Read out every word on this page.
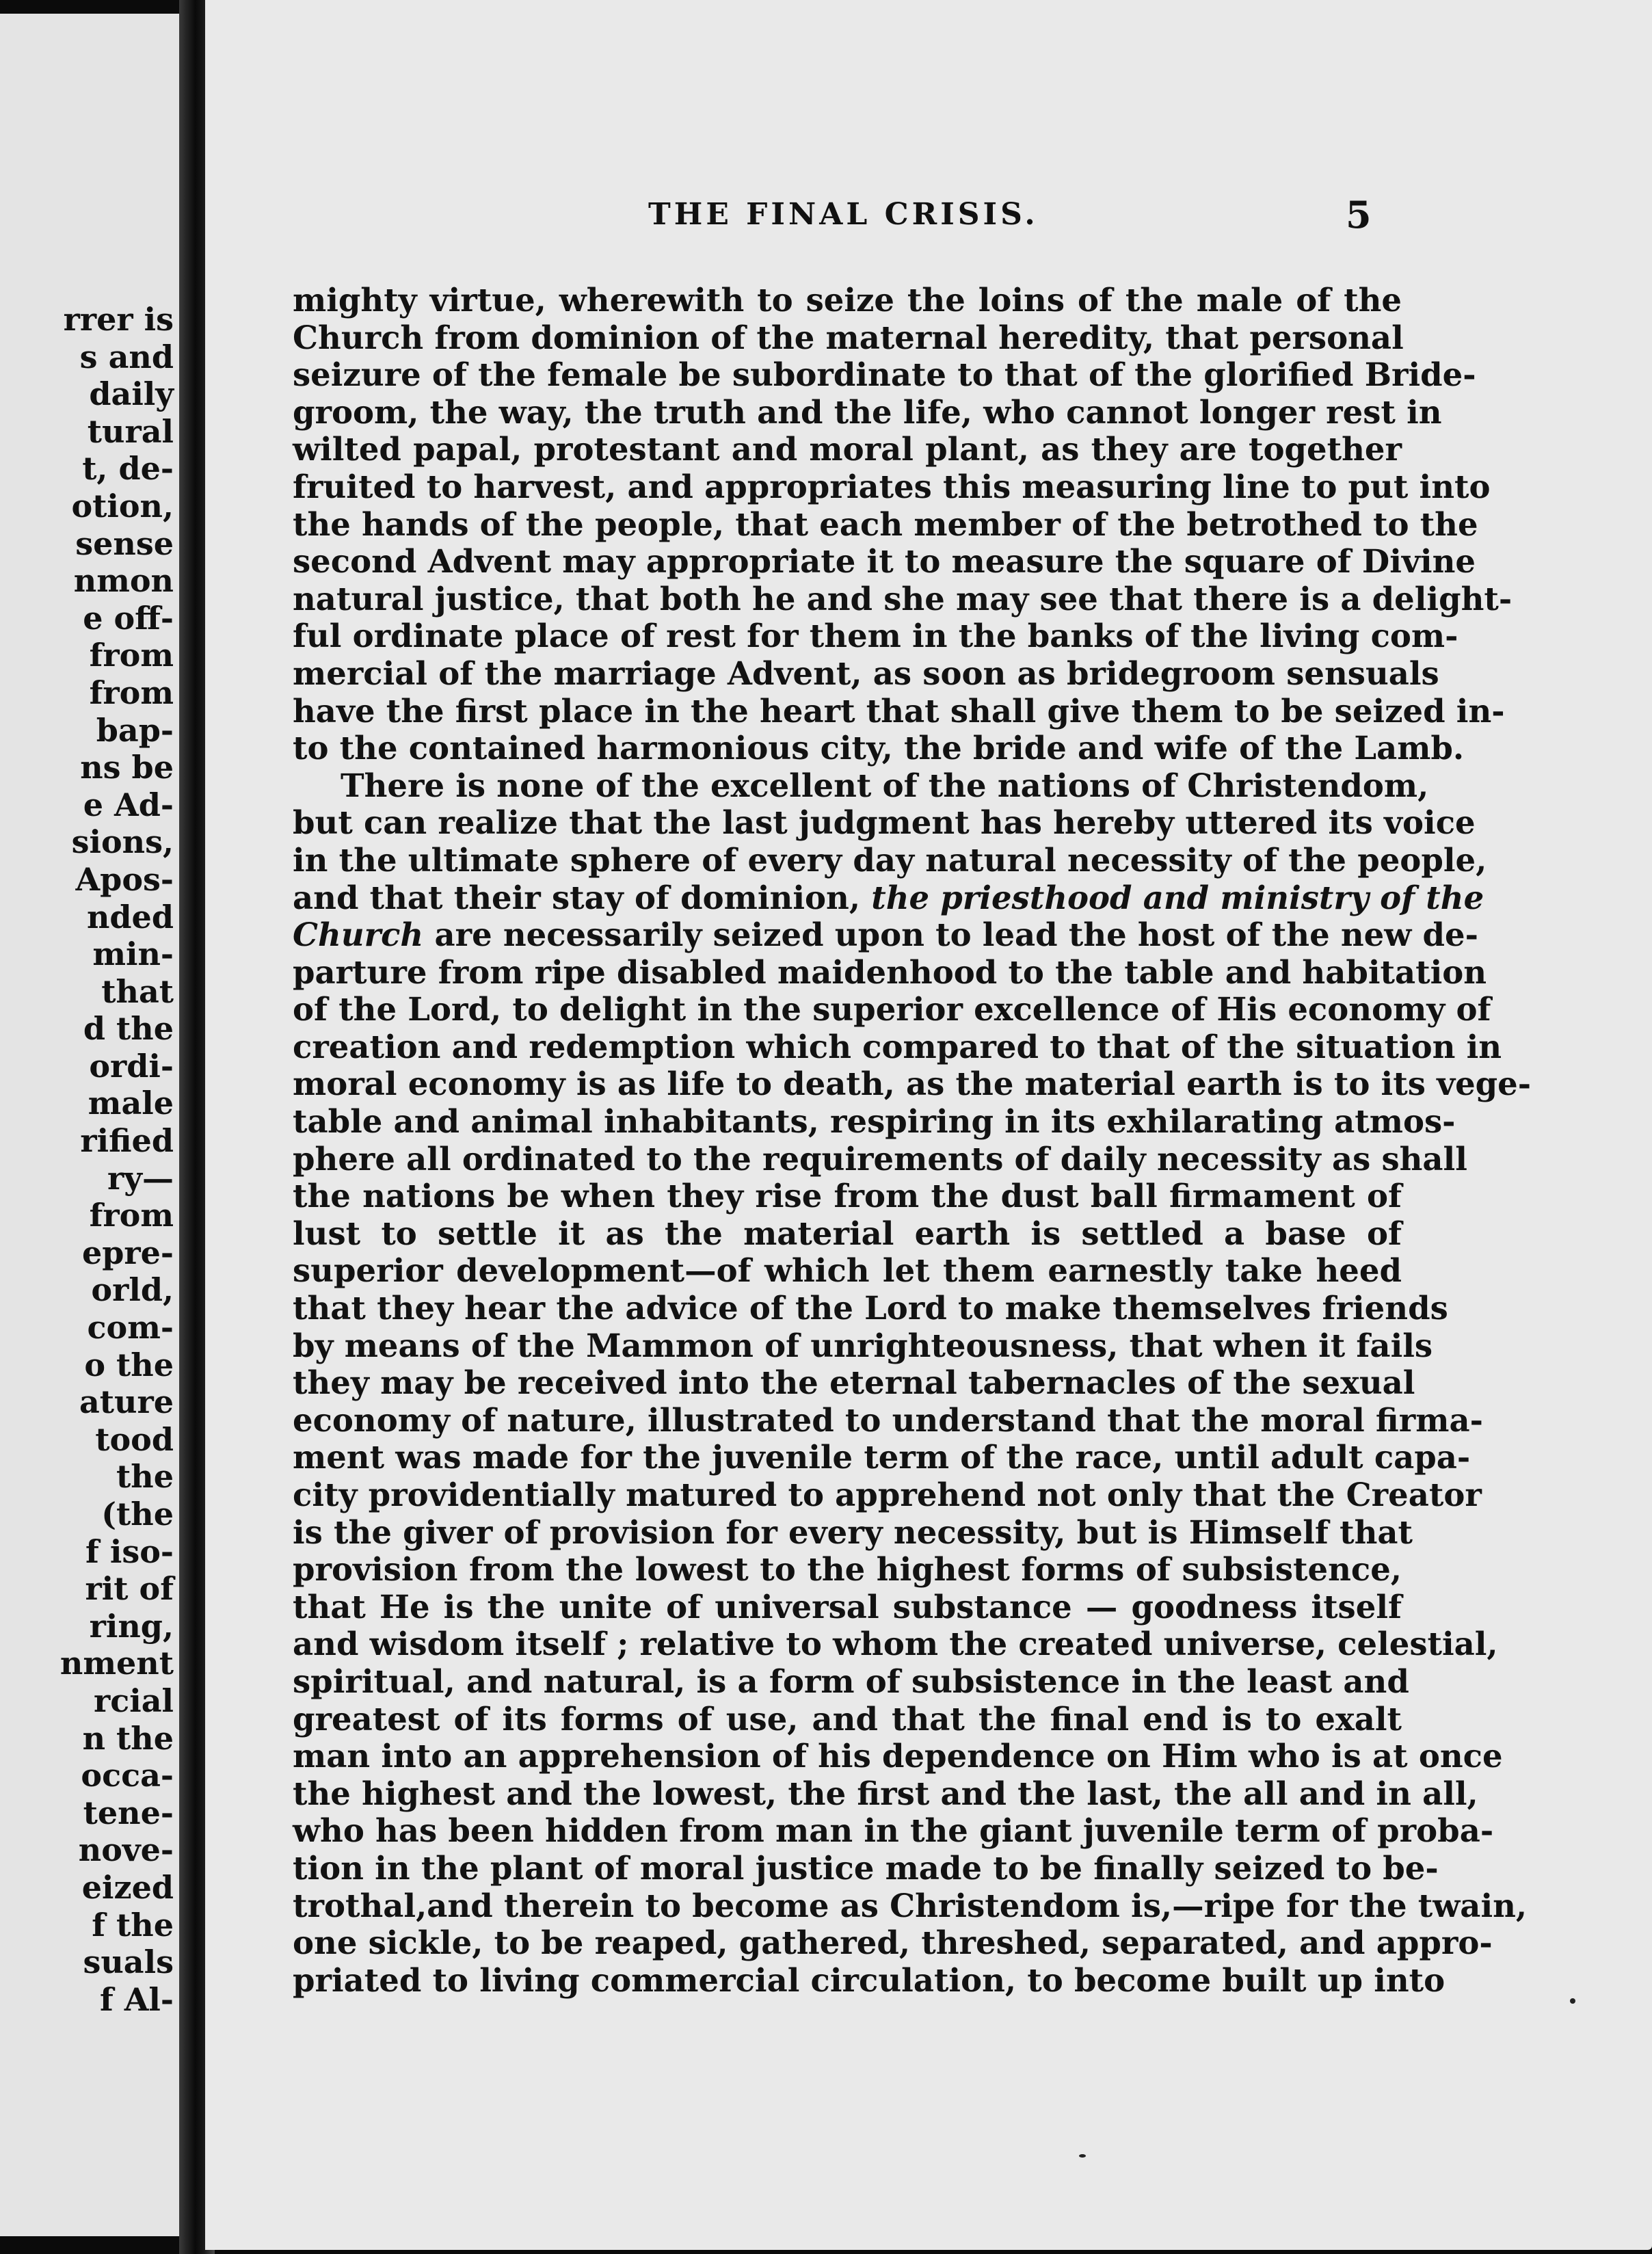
rrer is
s and
daily
tural
t, de-
otion,
sense
nmon
e off-
from
from
bap-
ns be
e Ad-
sions,
Apos-
nded
min-
that
d the
ordi-
male
rified
ry—
from
epre-
orld,
com-
o the
ature
tood
the
(the
f iso-
rit of
ring,
nment
rcial
n the
occa-
tene-
nove-
eized
f the
suals
f Al-
THE FINAL CRISIS.	5
mighty virtue, wherewith to seize the loins of the male of the
Church from dominion of the maternal heredity, that personal
seizure of the female be subordinate to that of the glorified Bride-
groom, the way, the truth and the life, who cannot longer rest in
wilted papal, protestant and moral plant, as they are together
fruited to harvest, and appropriates this measuring line to put into
the hands of the people, that each member of the betrothed to the
second Advent may appropriate it to measure the square of Divine
natural justice, that both he and she may see that there is a delight-
ful ordinate place of rest for them in the banks of the living com-
mercial of the marriage Advent, as soon as bridegroom sensuals
have the first place in the heart that shall give them to be seized in-
to the contained harmonious city, the bride and wife of the Lamb.
There is none of the excellent of the nations of Christendom,
but can realize that the last judgment has hereby uttered its voice
in the ultimate sphere of every day natural necessity of the people,
and that their stay of dominion, the priesthood and ministry of the
Church are necessarily seized upon to lead the host of the new de-
parture from ripe disabled maidenhood to the table and habitation
of the Lord, to delight in the superior excellence of His economy of
creation and redemption which compared to that of the situation in
moral economy is as life to death, as the material earth is to its vege-
table and animal inhabitants, respiring in its exhilarating atmos-
phere all ordinated to the requirements of daily necessity as shall
the nations be when they rise from the dust ball firmament of
lust to settle it as the material earth is settled a base of
superior development—of which let them earnestly take heed
that they hear the advice of the Lord to make themselves friends
by means of the Mammon of unrighteousness, that when it fails
they may be received into the eternal tabernacles of the sexual
economy of nature, illustrated to understand that the moral firma-
ment was made for the juvenile term of the race, until adult capa-
city providentially matured to apprehend not only that the Creator
is the giver of provision for every necessity, but is Himself that
provision from the lowest to the highest forms of subsistence,
that He is the unite of universal substance — goodness itself
and wisdom itself ; relative to whom the created universe, celestial,
spiritual, and natural, is a form of subsistence in the least and
greatest of its forms of use, and that the final end is to exalt
man into an apprehension of his dependence on Him who is at once
the highest and the lowest, the first and the last, the all and in all,
who has been hidden from man in the giant juvenile term of proba-
tion in the plant of moral justice made to be finally seized to be-
trothal,and therein to become as Christendom is,—ripe for the twain,
one sickle, to be reaped, gathered, threshed, separated, and appro-
priated to living commercial circulation, to become built up into
